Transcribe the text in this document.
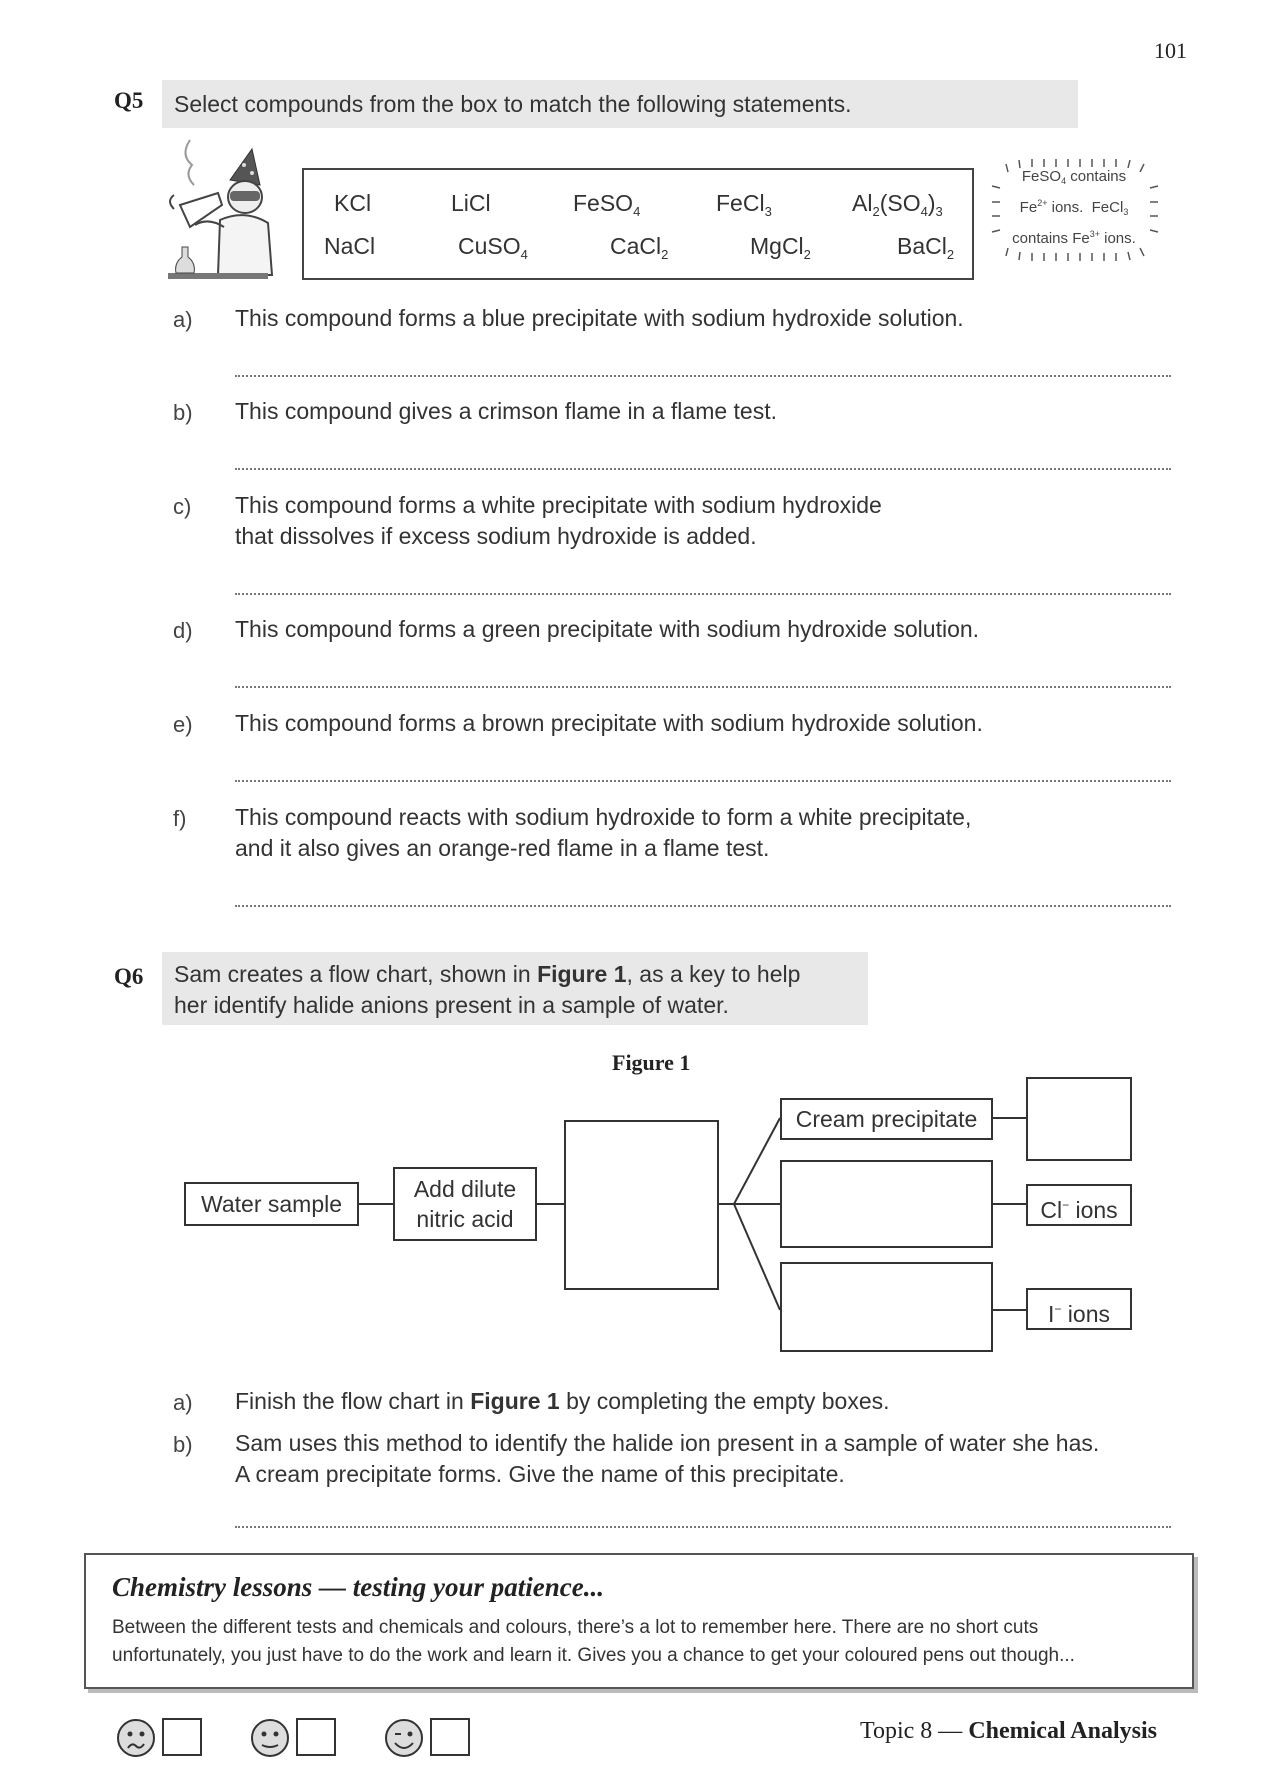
101
Q5	Select compounds from the box to match the following statements.
KCl	LiCl	FeSO$_4$	FeCl$_3$	$Al_2(SO_4)_3$
NaCl	CuSO$_4$	CaCl$_2$	MgCl$_2$	BaCl$_2$
FeSO$_4$ contains
$Fe^{2+}$ ions.  FeCl$_3$
contains $Fe^{3+}$ ions.
a) This compound forms a blue precipitate with sodium hydroxide solution.
b) This compound gives a crimson flame in a flame test.
c) This compound forms a white precipitate with sodium hydroxide
that dissolves if excess sodium hydroxide is added.
d) This compound forms a green precipitate with sodium hydroxide solution.
e) This compound forms a brown precipitate with sodium hydroxide solution.
f) This compound reacts with sodium hydroxide to form a white precipitate,
and it also gives an orange-red flame in a flame test.
Q6 Sam creates a flow chart, shown in Figure 1, as a key to help
her identify halide anions present in a sample of water.
Figure 1
Water sample
Add dilute
nitric acid
Cream precipitate
Cl− ions
I− ions
a) Finish the flow chart in Figure 1 by completing the empty boxes.
b) Sam uses this method to identify the halide ion present in a sample of water she has.
A cream precipitate forms. Give the name of this precipitate.
Chemistry lessons — testing your patience...
Between the different tests and chemicals and colours, there’s a lot to remember here. There are no short cuts
unfortunately, you just have to do the work and learn it. Gives you a chance to get your coloured pens out though...
Topic 8 — Chemical Analysis
